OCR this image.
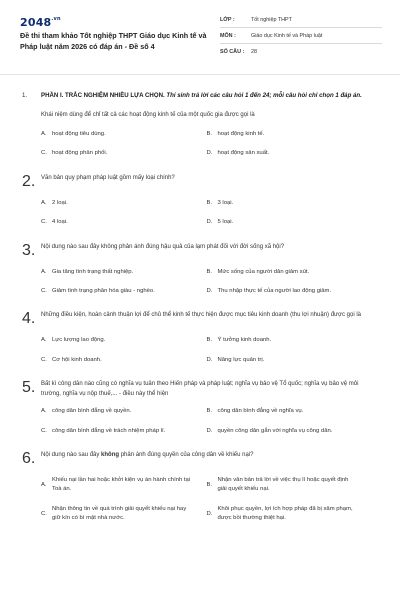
$2048^{.vn}$
Đề thi tham khảo Tốt nghiệp THPT Giáo dục Kinh tế và Pháp luật năm 2026 có đáp án - Đề số 4
LỚP :	Tốt nghiệp THPT
MÔN :	Giáo dục Kinh tế và Pháp luật
SỐ CÂU :	28
1.	PHẦN I. TRẮC NGHIỆM NHIỀU LỰA CHỌN. Thí sinh trả lời các câu hỏi 1 đến 24; mỗi câu hỏi chỉ chọn 1 đáp án.
Khái niệm dùng để chỉ tất cả các hoạt động kinh tế của một quốc gia được gọi là
A. hoạt động tiêu dùng.	B. hoạt động kinh tế.
C. hoạt động phân phối.	D. hoạt động sản xuất.
2. Văn bản quy phạm pháp luật gồm mấy loại chính?
A. 2 loại.	B. 3 loại.
C. 4 loại.	D. 5 loại.
3. Nội dung nào sau đây không phản ánh đúng hậu quả của lạm phát đối với đời sống xã hội?
A. Gia tăng tình trạng thất nghiệp.	B. Mức sống của người dân giảm sút.
C. Giảm tình trạng phân hóa giàu - nghèo.	D. Thu nhập thực tế của người lao động giảm.
4. Những điều kiện, hoàn cảnh thuận lợi để chủ thể kinh tế thực hiện được mục tiêu kinh doanh (thu lợi nhuận) được gọi là
A. Lực lượng lao động.	B. Ý tưởng kinh doanh.
C. Cơ hội kinh doanh.	D. Năng lực quản trị.
5. Bất kì công dân nào cũng có nghĩa vụ tuân theo Hiến pháp và pháp luật; nghĩa vụ bảo vệ Tổ quốc; nghĩa vụ bảo vệ môi trường, nghĩa vụ nộp thuế,... - điều này thể hiện
A. công dân bình đẳng về quyền.	B. công dân bình đẳng về nghĩa vụ.
C. công dân bình đẳng về trách nhiệm pháp lí.	D. quyền công dân gắn với nghĩa vụ công dân.
6. Nội dung nào sau đây không phản ánh đúng quyền của công dân về khiếu nại?
A.
Khiếu nại lần hai hoặc khởi kiện vụ án hành chính tại Toà án.
B.
Nhận văn bản trả lời về việc thụ lí hoặc quyết định giải quyết khiếu nại.
C.
Nhận thông tin về quá trình giải quyết khiếu nại hay giữ kín có bí mật nhà nước.
D.
Khôi phục quyền, lợi ích hợp pháp đã bị xâm phạm, được bồi thường thiệt hại.
